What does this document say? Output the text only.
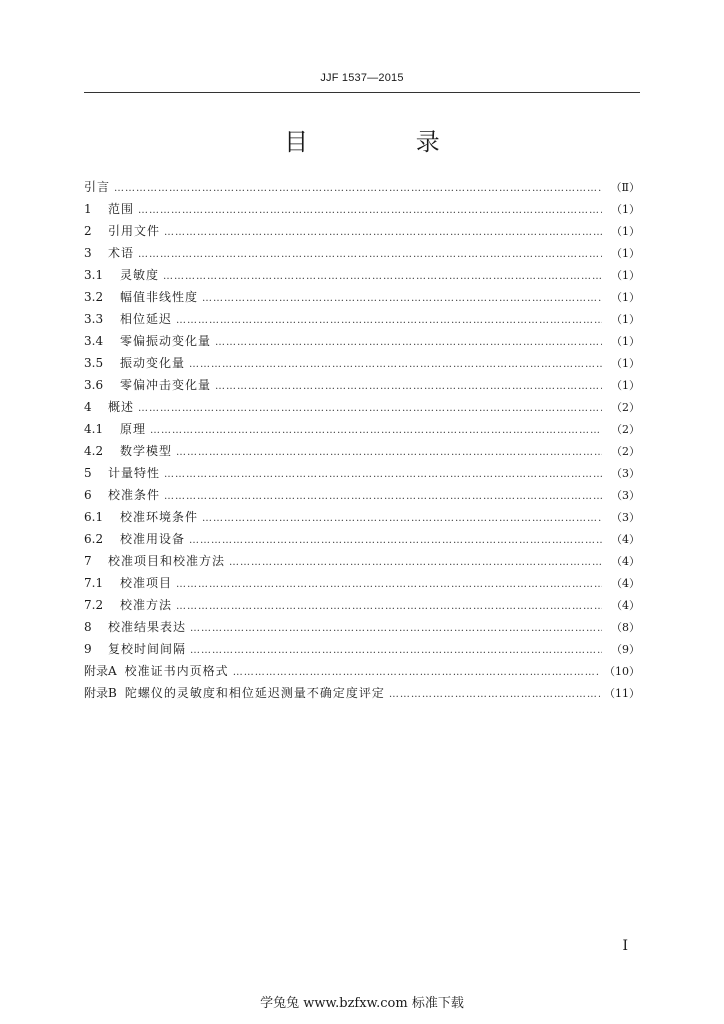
JJF 1537—2015
目 录
引言 …………………………………………………………………………………………………………………………………………………………………………………………………………………………	（Ⅱ）
1	范围 …………………………………………………………………………………………………………………………………………………………………………………………………………………………	（1）
2	引用文件 …………………………………………………………………………………………………………………………………………………………………………………………………………………………	（1）
3	术语 …………………………………………………………………………………………………………………………………………………………………………………………………………………………	（1）
3.1	灵敏度 …………………………………………………………………………………………………………………………………………………………………………………………………………………………	（1）
3.2	幅值非线性度 …………………………………………………………………………………………………………………………………………………………………………………………………………………………	（1）
3.3	相位延迟 …………………………………………………………………………………………………………………………………………………………………………………………………………………………	（1）
3.4	零偏振动变化量 …………………………………………………………………………………………………………………………………………………………………………………………………………………………	（1）
3.5	振动变化量 …………………………………………………………………………………………………………………………………………………………………………………………………………………………	（1）
3.6	零偏冲击变化量 …………………………………………………………………………………………………………………………………………………………………………………………………………………………	（1）
4	概述 …………………………………………………………………………………………………………………………………………………………………………………………………………………………	（2）
4.1	原理 …………………………………………………………………………………………………………………………………………………………………………………………………………………………	（2）
4.2	数学模型 …………………………………………………………………………………………………………………………………………………………………………………………………………………………	（2）
5	计量特性 …………………………………………………………………………………………………………………………………………………………………………………………………………………………	（3）
6	校准条件 …………………………………………………………………………………………………………………………………………………………………………………………………………………………	（3）
6.1	校准环境条件 …………………………………………………………………………………………………………………………………………………………………………………………………………………………	（3）
6.2	校准用设备 …………………………………………………………………………………………………………………………………………………………………………………………………………………………	（4）
7	校准项目和校准方法 …………………………………………………………………………………………………………………………………………………………………………………………………………………………	（4）
7.1	校准项目 …………………………………………………………………………………………………………………………………………………………………………………………………………………………	（4）
7.2	校准方法 …………………………………………………………………………………………………………………………………………………………………………………………………………………………	（4）
8	校准结果表达 …………………………………………………………………………………………………………………………………………………………………………………………………………………………	（8）
9	复校时间间隔 …………………………………………………………………………………………………………………………………………………………………………………………………………………………	（9）
附录A 校准证书内页格式 …………………………………………………………………………………………………………………………………………………………………………………………………………………………	（10）
附录B 陀螺仪的灵敏度和相位延迟测量不确定度评定 …………………………………………………………………………………………………………………………………………………………………………………………………………………………	（11）
Ⅰ
学兔兔 www.bzfxw.com 标准下载
